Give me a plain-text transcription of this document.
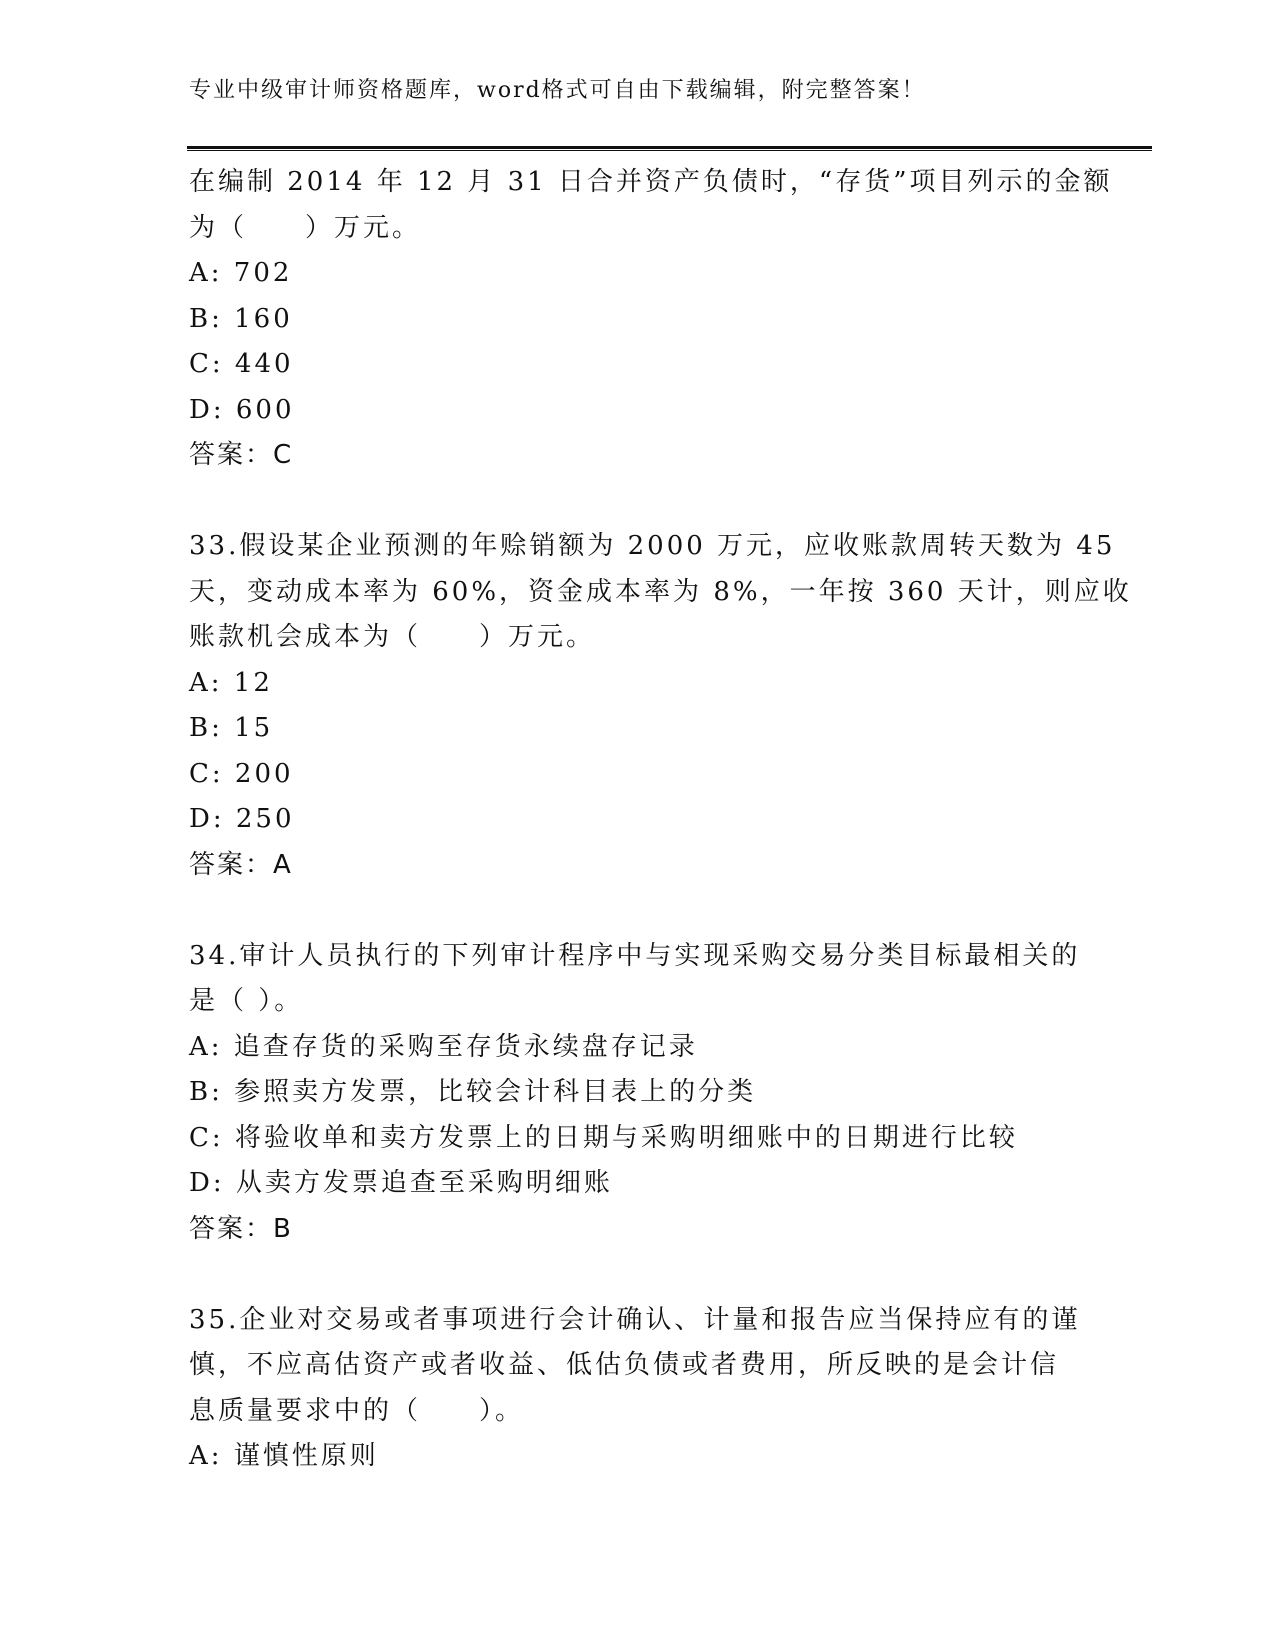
专业中级审计师资格题库，word格式可自由下载编辑，附完整答案！
在编制 2014 年 12 月 31 日合并资产负债时，“存货”项目列示的金额
为（　　）万元。
A: 702
B: 160
C: 440
D: 600
答案：C
33.假设某企业预测的年赊销额为 2000 万元，应收账款周转天数为 45
天，变动成本率为 60%，资金成本率为 8%，一年按 360 天计，则应收
账款机会成本为（　　）万元。
A: 12
B: 15
C: 200
D: 250
答案：A
34.审计人员执行的下列审计程序中与实现采购交易分类目标最相关的
是（ ）。
A: 追查存货的采购至存货永续盘存记录
B: 参照卖方发票，比较会计科目表上的分类
C: 将验收单和卖方发票上的日期与采购明细账中的日期进行比较
D: 从卖方发票追查至采购明细账
答案：B
35.企业对交易或者事项进行会计确认、计量和报告应当保持应有的谨
慎，不应高估资产或者收益、低估负债或者费用，所反映的是会计信
息质量要求中的（　　）。
A: 谨慎性原则
